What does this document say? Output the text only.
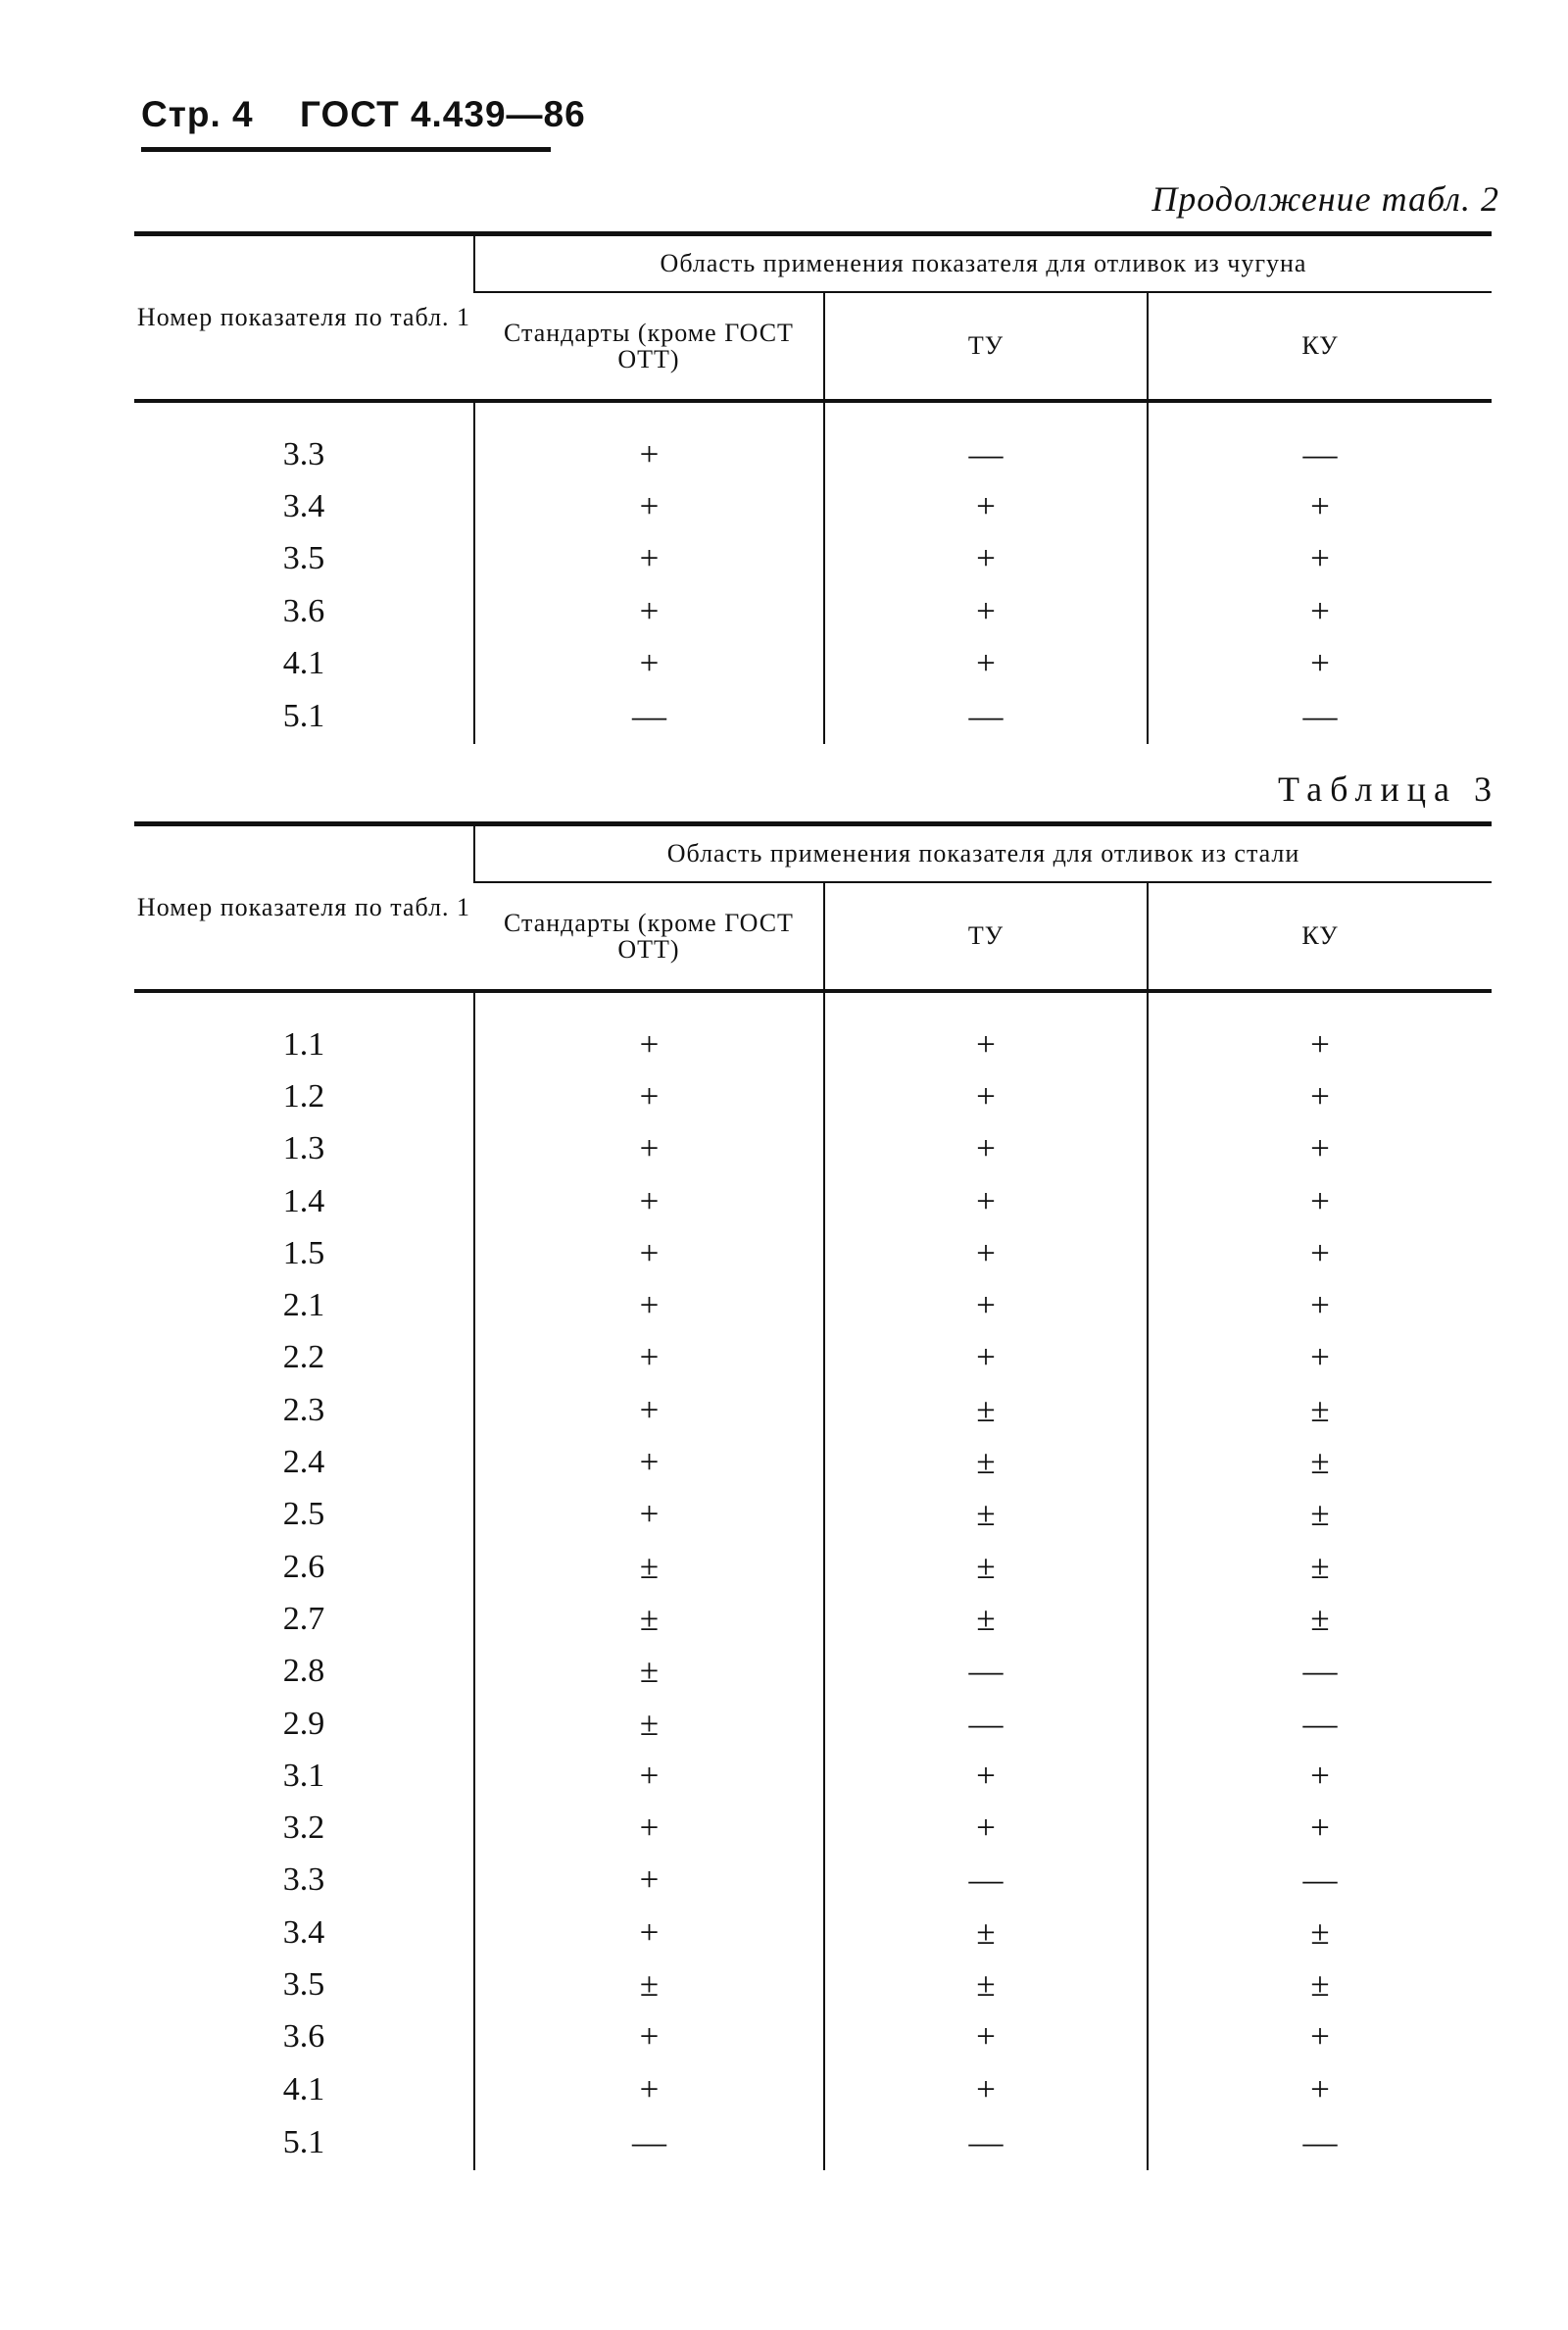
Стр. 4 ГОСТ 4.439—86
Продолжение табл. 2
Номер показателя по табл. 1	Область применения показателя для отливок из чугуна		
	Стандарты (кроме ГОСТ ОТТ)	ТУ	КУ

3.3	+	—	—
3.4	+	+	+
3.5	+	+	+
3.6	+	+	+
4.1	+	+	+
5.1	—	—	—
Таблица 3
Номер показателя по табл. 1	Область применения показателя для отливок из стали		
	Стандарты (кроме ГОСТ ОТТ)	ТУ	КУ

1.1	+	+	+
1.2	+	+	+
1.3	+	+	+
1.4	+	+	+
1.5	+	+	+
2.1	+	+	+
2.2	+	+	+
2.3	+	±	±
2.4	+	±	±
2.5	+	±	±
2.6	±	±	±
2.7	±	±	±
2.8	±	—	—
2.9	±	—	—
3.1	+	+	+
3.2	+	+	+
3.3	+	—	—
3.4	+	±	±
3.5	±	±	±
3.6	+	+	+
4.1	+	+	+
5.1	—	—	—
